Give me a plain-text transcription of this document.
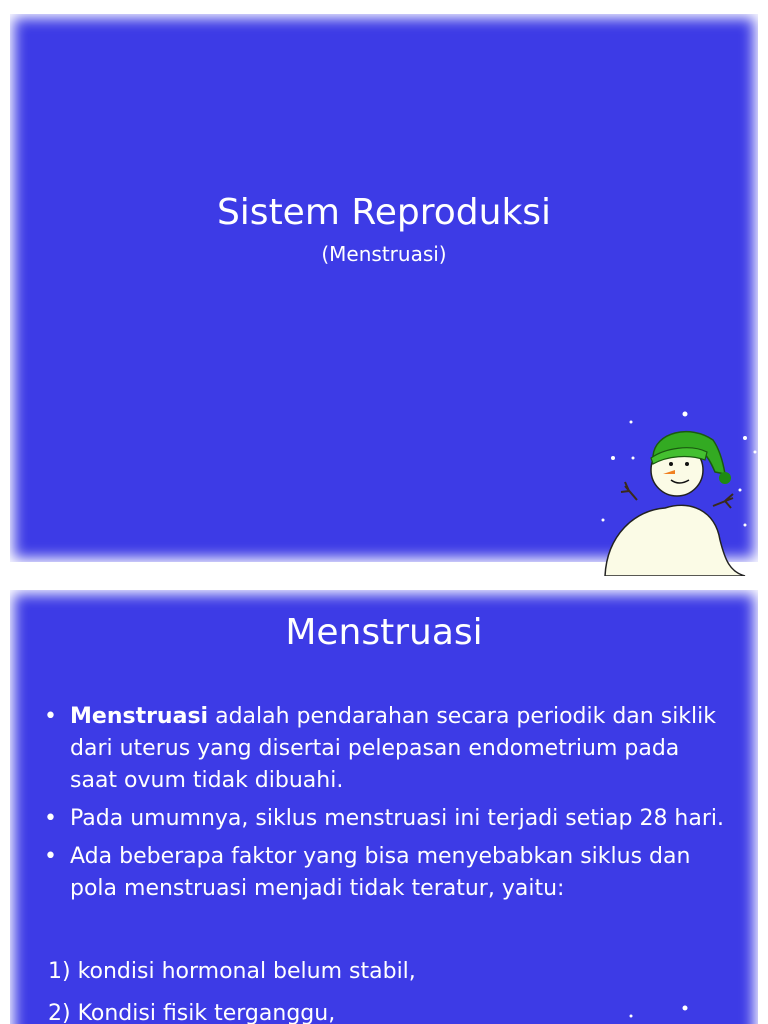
Sistem Reproduksi

(Menstruasi)

Menstruasi
• Menstruasi adalah pendarahan secara periodik dan siklik dari uterus yang disertai pelepasan endometrium pada saat ovum tidak dibuahi.
• Pada umumnya, siklus menstruasi ini terjadi setiap 28 hari.
• Ada beberapa faktor yang bisa menyebabkan siklus dan pola menstruasi menjadi tidak teratur, yaitu:
1) kondisi hormonal belum stabil,
2) Kondisi fisik terganggu,
